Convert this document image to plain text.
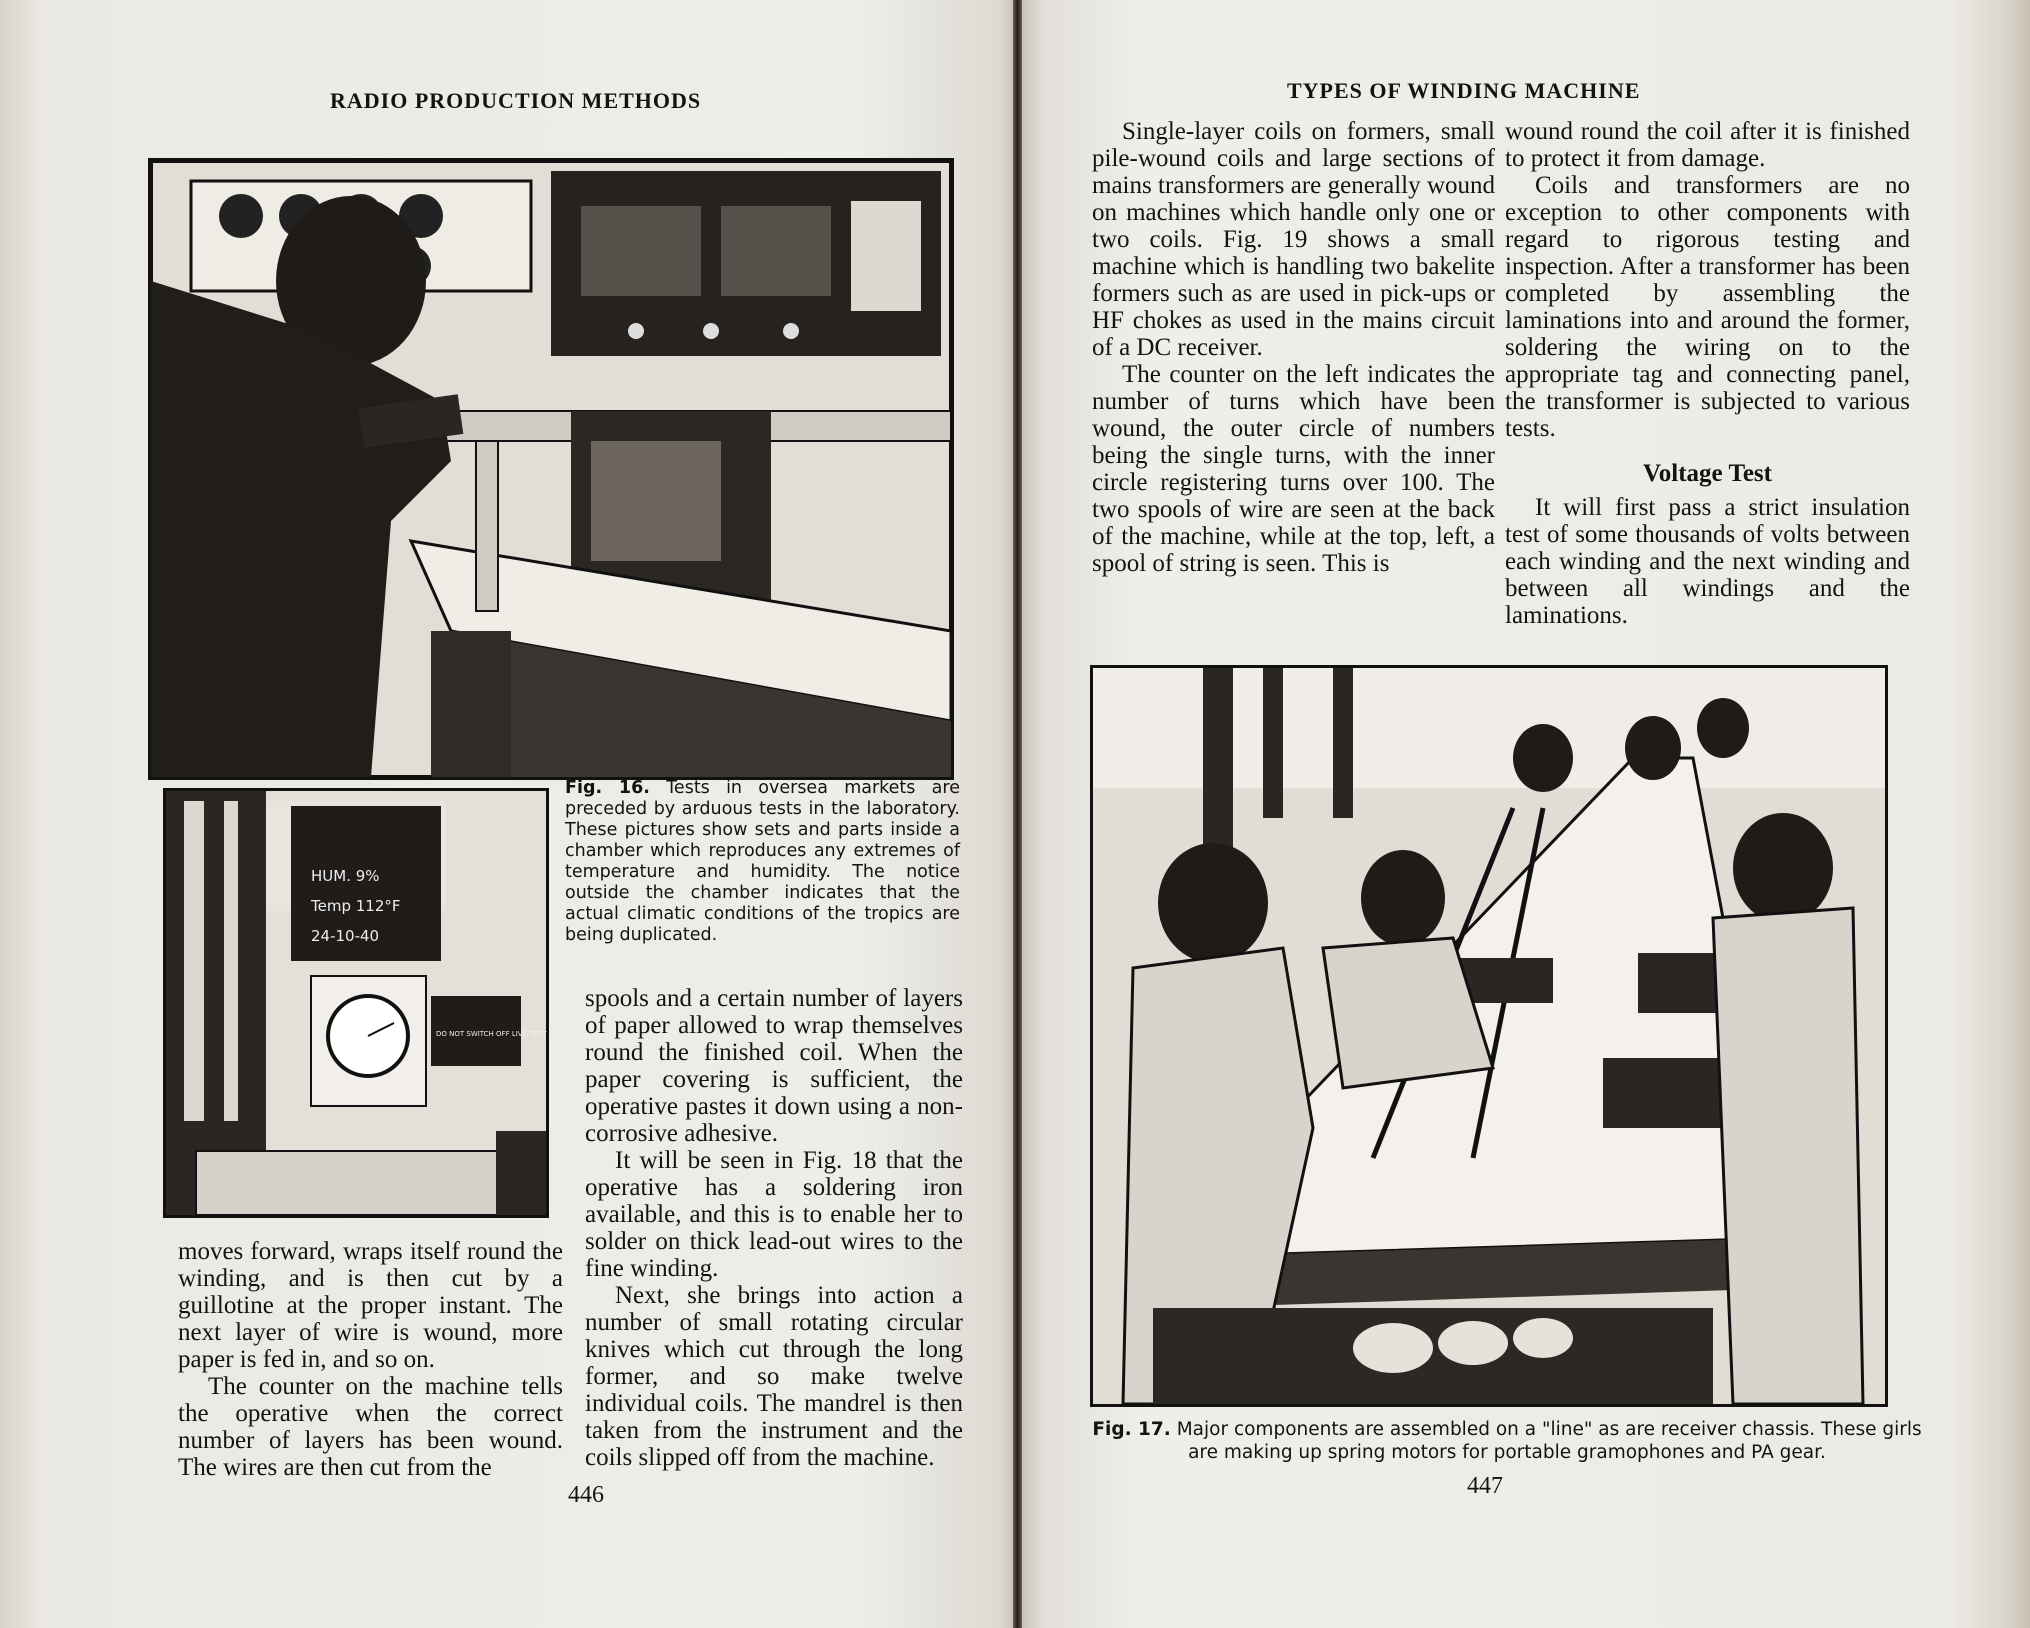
RADIO PRODUCTION METHODS
HUM. 9%
Temp 112°F
24-10-40
DO NOT SWITCH OFF LIVE TEST IN PROGRESS

Fig. 16. Tests in oversea markets are preceded by arduous tests in the laboratory. These pictures show sets and parts inside a chamber which reproduces any extremes of temperature and humidity. The notice outside the chamber indicates that the actual climatic conditions of the tropics are being duplicated.

spools and a certain number of layers of paper allowed to wrap themselves round the finished coil. When the paper covering is sufficient, the operative pastes it down using a non-corrosive adhesive.

It will be seen in Fig. 18 that the operative has a soldering iron available, and this is to enable her to solder on thick lead-out wires to the fine winding.

Next, she brings into action a number of small rotating circular knives which cut through the long former, and so make twelve individual coils. The mandrel is then taken from the instrument and the coils slipped off from the machine.

moves forward, wraps itself round the winding, and is then cut by a guillotine at the proper instant. The next layer of wire is wound, more paper is fed in, and so on.

The counter on the machine tells the operative when the correct number of layers has been wound. The wires are then cut from the

446

TYPES OF WINDING MACHINE

Single-layer coils on formers, small pile-wound coils and large sections of mains transformers are generally wound on machines which handle only one or two coils. Fig. 19 shows a small machine which is handling two bakelite formers such as are used in pick-ups or HF chokes as used in the mains circuit of a DC receiver.

The counter on the left indicates the number of turns which have been wound, the outer circle of numbers being the single turns, with the inner circle registering turns over 100. The two spools of wire are seen at the back of the machine, while at the top, left, a spool of string is seen. This is

wound round the coil after it is finished to protect it from damage.

Coils and transformers are no exception to other components with regard to rigorous testing and inspection. After a transformer has been completed by assembling the laminations into and around the former, soldering the wiring on to the appropriate tag and connecting panel, the transformer is subjected to various tests.

Voltage Test

It will first pass a strict insulation test of some thousands of volts between each winding and the next winding and between all windings and the laminations.

Fig. 17. Major components are assembled on a "line" as are receiver chassis. These girls are making up spring motors for portable gramophones and PA gear.

447
